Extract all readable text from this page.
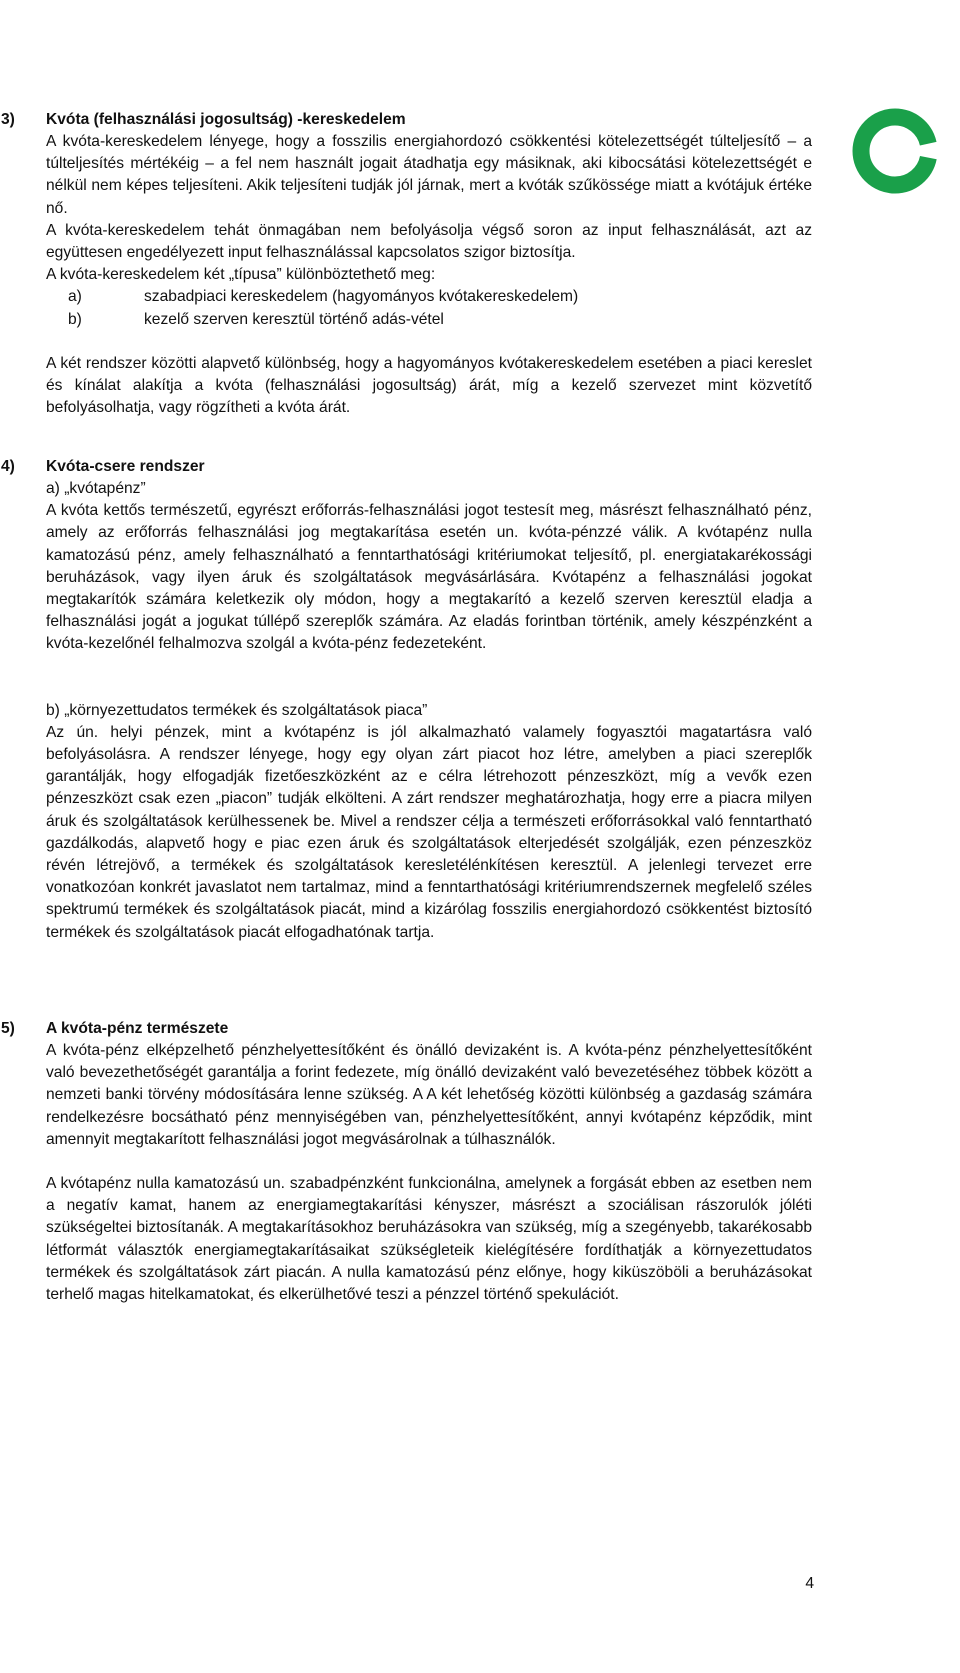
3) Kvóta (felhasználási jogosultság) -kereskedelem

A kvóta-kereskedelem lényege, hogy a fosszilis energiahordozó csökkentési kötelezettségét túlteljesítő – a túlteljesítés mértékéig – a fel nem használt jogait átadhatja egy másiknak, aki kibocsátási kötelezettségét e nélkül nem képes teljesíteni. Akik teljesíteni tudják jól járnak, mert a kvóták szűkössége miatt a kvótájuk értéke nő.

A kvóta-kereskedelem tehát önmagában nem befolyásolja végső soron az input felhasználását, azt az együttesen engedélyezett input felhasználással kapcsolatos szigor biztosítja.

A kvóta-kereskedelem két „típusa” különböztethető meg:

a)	szabadpiaci kereskedelem (hagyományos kvótakereskedelem)
b)	kezelő szerven keresztül történő adás-vétel

A két rendszer közötti alapvető különbség, hogy a hagyományos kvótakereskedelem esetében a piaci kereslet és kínálat alakítja a kvóta (felhasználási jogosultság) árát, míg a kezelő szervezet mint közvetítő befolyásolhatja, vagy rögzítheti a kvóta árát.

4) Kvóta-csere rendszer

a) „kvótapénz”

A kvóta kettős természetű, egyrészt erőforrás-felhasználási jogot testesít meg, másrészt felhasználható pénz, amely az erőforrás felhasználási jog megtakarítása esetén un. kvóta-pénzzé válik. A kvótapénz nulla kamatozású pénz, amely felhasználható a fenntarthatósági kritériumokat teljesítő, pl. energiatakarékossági beruházások, vagy ilyen áruk és szolgáltatások megvásárlására. Kvótapénz a felhasználási jogokat megtakarítók számára keletkezik oly módon, hogy a megtakarító a kezelő szerven keresztül eladja a felhasználási jogát a jogukat túllépő szereplők számára. Az eladás forintban történik, amely készpénzként a kvóta-kezelőnél felhalmozva szolgál a kvóta-pénz fedezeteként.

b) „környezettudatos termékek és szolgáltatások piaca”

Az ún. helyi pénzek, mint a kvótapénz is jól alkalmazható valamely fogyasztói magatartásra való befolyásolásra. A rendszer lényege, hogy egy olyan zárt piacot hoz létre, amelyben a piaci szereplők garantálják, hogy elfogadják fizetőeszközként az e célra létrehozott pénzeszközt, míg a vevők ezen pénzeszközt csak ezen „piacon” tudják elkölteni. A zárt rendszer meghatározhatja, hogy erre a piacra milyen áruk és szolgáltatások kerülhessenek be. Mivel a rendszer célja a természeti erőforrásokkal való fenntartható gazdálkodás, alapvető hogy e piac ezen áruk és szolgáltatások elterjedését szolgálják, ezen pénzeszköz révén létrejövő, a termékek és szolgáltatások keresletélénkítésen keresztül. A jelenlegi tervezet erre vonatkozóan konkrét javaslatot nem tartalmaz, mind a fenntarthatósági kritériumrendszernek megfelelő széles spektrumú termékek és szolgáltatások piacát, mind a kizárólag fosszilis energiahordozó csökkentést biztosító termékek és szolgáltatások piacát elfogadhatónak tartja.

5) A kvóta-pénz természete

A kvóta-pénz elképzelhető pénzhelyettesítőként és önálló devizaként is. A kvóta-pénz pénzhelyettesítőként való bevezethetőségét garantálja a forint fedezete, míg önálló devizaként való bevezetéséhez többek között a nemzeti banki törvény módosítására lenne szükség. A A két lehetőség közötti különbség a gazdaság számára rendelkezésre bocsátható pénz mennyiségében van, pénzhelyettesítőként, annyi kvótapénz képződik, mint amennyit megtakarított felhasználási jogot megvásárolnak a túlhasználók.

A kvótapénz nulla kamatozású un. szabadpénzként funkcionálna, amelynek a forgását ebben az esetben nem a negatív kamat, hanem az energiamegtakarítási kényszer, másrészt a szociálisan rászorulók jóléti szükségeltei biztosítanák. A megtakarításokhoz beruházásokra van szükség, míg a szegényebb, takarékosabb létformát választók energiamegtakarításaikat szükségleteik kielégítésére fordíthatják a környezettudatos termékek és szolgáltatások zárt piacán. A nulla kamatozású pénz előnye, hogy kiküszöböli a beruházásokat terhelő magas hitelkamatokat, és elkerülhetővé teszi a pénzzel történő spekulációt.

4
